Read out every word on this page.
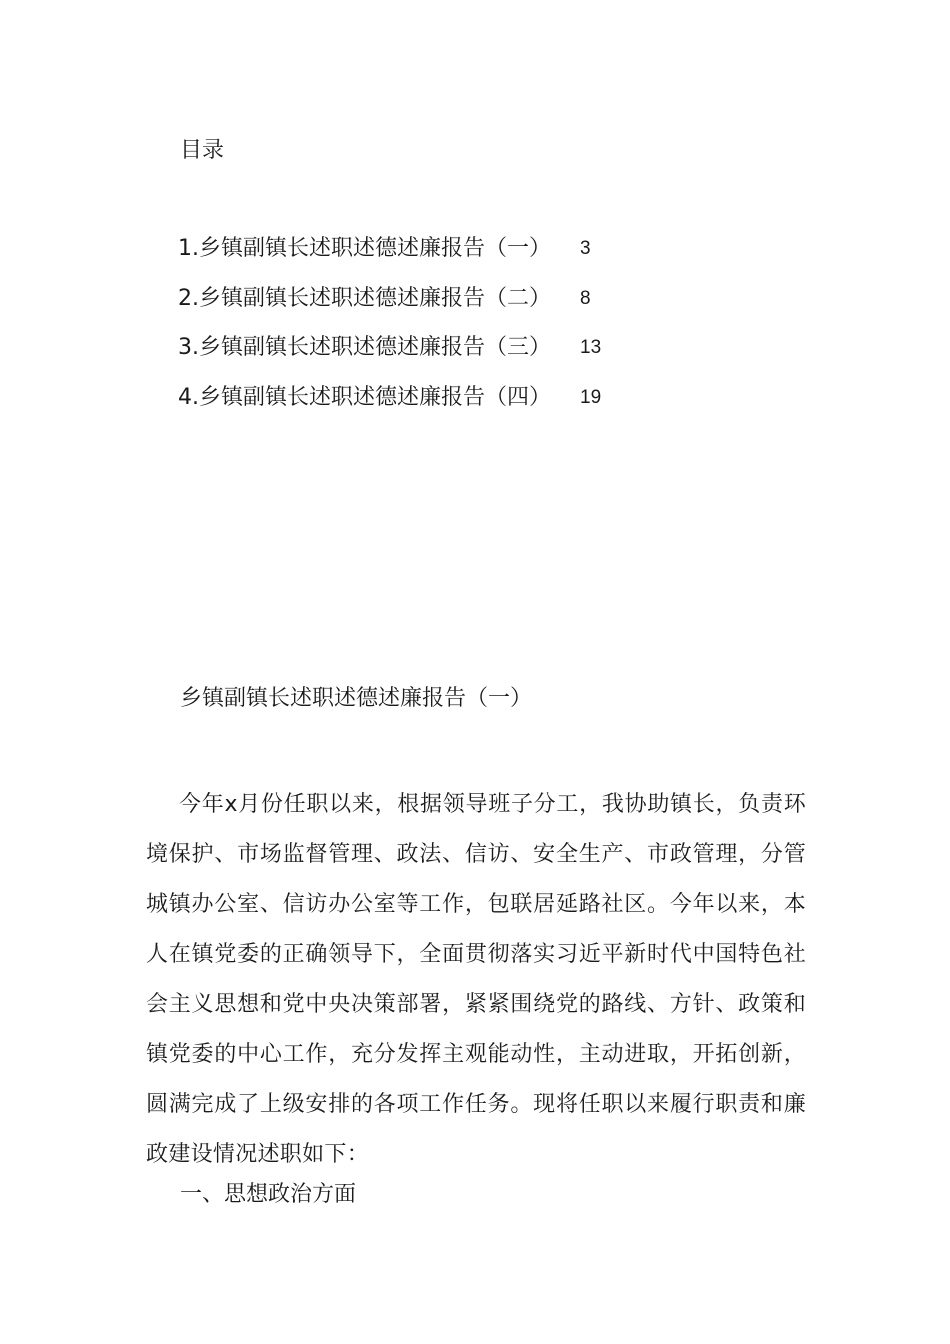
目录
1.乡镇副镇长述职述德述廉报告（一）	3
2.乡镇副镇长述职述德述廉报告（二）	8
3.乡镇副镇长述职述德述廉报告（三）	13
4.乡镇副镇长述职述德述廉报告（四）	19
乡镇副镇长述职述德述廉报告（一）

今年x月份任职以来，根据领导班子分工，我协助镇长，负责环境保护、市场监督管理、政法、信访、安全生产、市政管理，分管城镇办公室、信访办公室等工作，包联居延路社区。今年以来，本人在镇党委的正确领导下，全面贯彻落实习近平新时代中国特色社会主义思想和党中央决策部署，紧紧围绕党的路线、方针、政策和镇党委的中心工作，充分发挥主观能动性，主动进取，开拓创新，圆满完成了上级安排的各项工作任务。现将任职以来履行职责和廉政建设情况述职如下：

一、思想政治方面
